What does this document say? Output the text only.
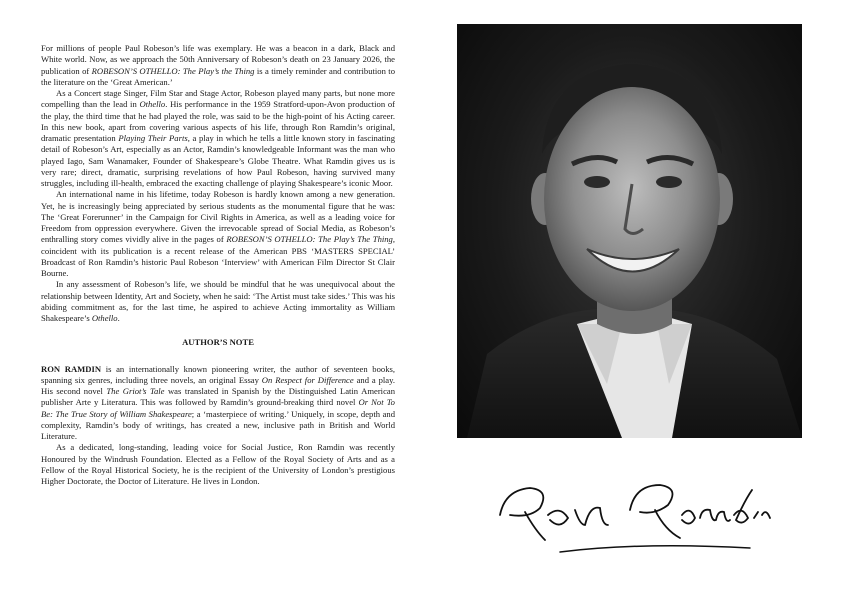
For millions of people Paul Robeson’s life was exemplary. He was a beacon in a dark, Black and White world. Now, as we approach the 50th Anniversary of Robeson’s death on 23 January 2026, the publication of ROBESON’S OTHELLO: The Play’s the Thing is a timely reminder and contribution to the literature on the ‘Great American.’

As a Concert stage Singer, Film Star and Stage Actor, Robeson played many parts, but none more compelling than the lead in Othello. His performance in the 1959 Stratford-upon-Avon production of the play, the third time that he had played the role, was said to be the high-point of his Acting career. In this new book, apart from covering various aspects of his life, through Ron Ramdin’s original, dramatic presentation Playing Their Parts, a play in which he tells a little known story in fascinating detail of Robeson’s Art, especially as an Actor, Ramdin’s knowledgeable Informant was the man who played Iago, Sam Wanamaker, Founder of Shakespeare’s Globe Theatre. What Ramdin gives us is very rare; direct, dramatic, surprising revelations of how Paul Robeson, having survived many struggles, including ill-health, embraced the exacting challenge of playing Shakespeare’s iconic Moor.

An international name in his lifetime, today Robeson is hardly known among a new generation. Yet, he is increasingly being appreciated by serious students as the monumental figure that he was: The ‘Great Forerunner’ in the Campaign for Civil Rights in America, as well as a leading voice for Freedom from oppression everywhere. Given the irrevocable spread of Social Media, as Robeson’s enthralling story comes vividly alive in the pages of ROBESON’S OTHELLO: The Play’s The Thing, coincident with its publication is a recent release of the American PBS ‘MASTERS SPECIAL’ Broadcast of Ron Ramdin’s historic Paul Robeson ‘Interview’ with American Film Director St Clair Bourne.

In any assessment of Robeson’s life, we should be mindful that he was unequivocal about the relationship between Identity, Art and Society, when he said: ‘The Artist must take sides.’ This was his abiding commitment as, for the last time, he aspired to achieve Acting immortality as William Shakespeare’s Othello.

AUTHOR’S NOTE

RON RAMDIN is an internationally known pioneering writer, the author of seventeen books, spanning six genres, including three novels, an original Essay On Respect for Difference and a play. His second novel The Griot’s Tale was translated in Spanish by the Distinguished Latin American publisher Arte y Literatura. This was followed by Ramdin’s ground-breaking third novel Or Not To Be: The True Story of William Shakespeare; a ‘masterpiece of writing.’ Uniquely, in scope, depth and complexity, Ramdin’s body of writings, has created a new, inclusive path in British and World Literature.

As a dedicated, long-standing, leading voice for Social Justice, Ron Ramdin was recently Honoured by the Windrush Foundation. Elected as a Fellow of the Royal Society of Arts and as a Fellow of the Royal Historical Society, he is the recipient of the University of London’s prestigious Higher Doctorate, the Doctor of Literature. He lives in London.
